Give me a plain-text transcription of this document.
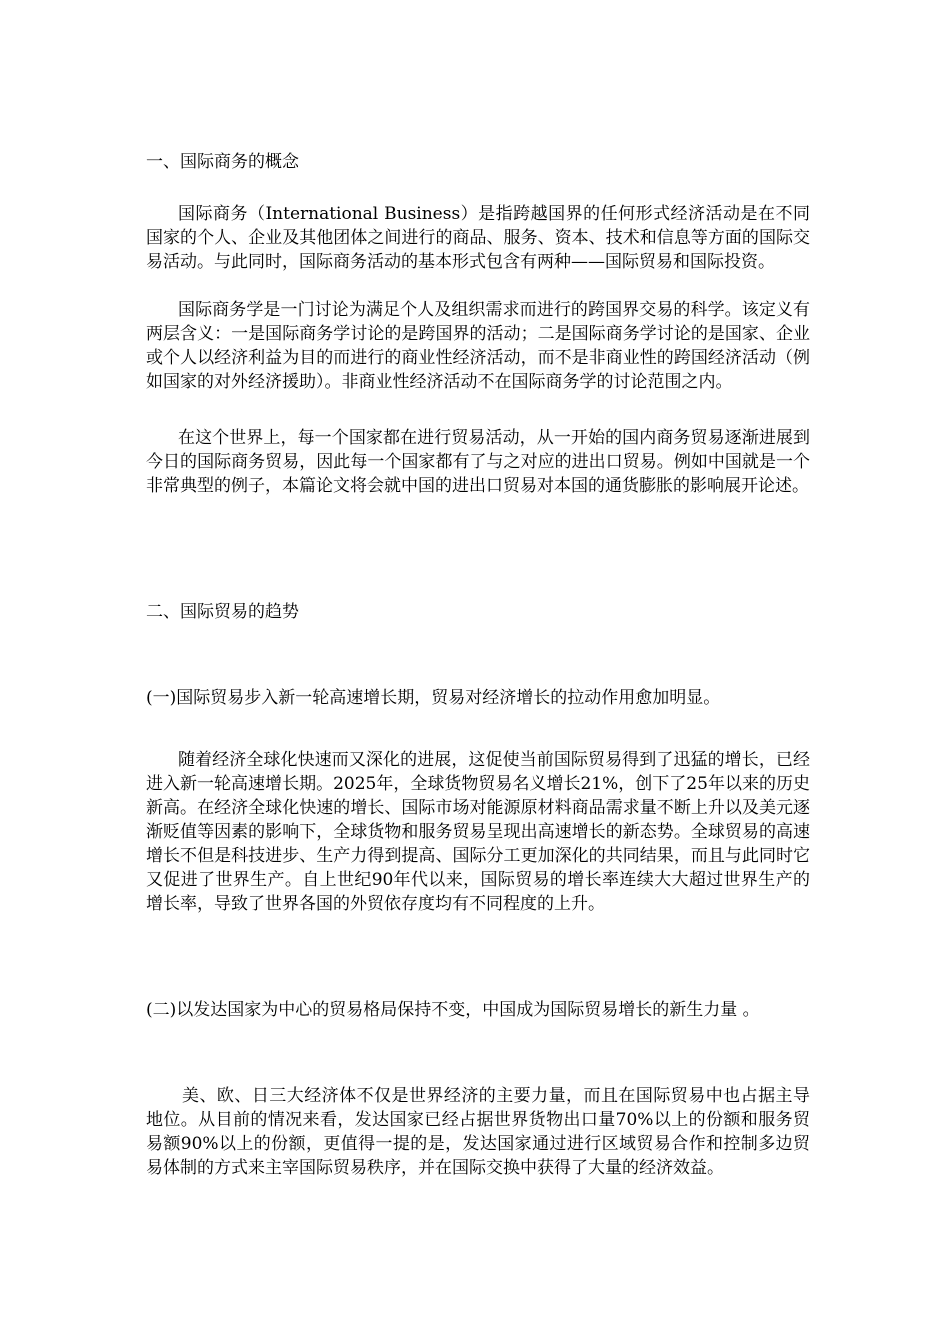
一、国际商务的概念

国际商务（International Business）是指跨越国界的任何形式经济活动是在不同国家的个人、企业及其他团体之间进行的商品、服务、资本、技术和信息等方面的国际交易活动。与此同时，国际商务活动的基本形式包含有两种——国际贸易和国际投资。

国际商务学是一门讨论为满足个人及组织需求而进行的跨国界交易的科学。该定义有两层含义：一是国际商务学讨论的是跨国界的活动；二是国际商务学讨论的是国家、企业或个人以经济利益为目的而进行的商业性经济活动，而不是非商业性的跨国经济活动（例如国家的对外经济援助）。非商业性经济活动不在国际商务学的讨论范围之内。

在这个世界上，每一个国家都在进行贸易活动，从一开始的国内商务贸易逐渐进展到今日的国际商务贸易，因此每一个国家都有了与之对应的进出口贸易。例如中国就是一个非常典型的例子，本篇论文将会就中国的进出口贸易对本国的通货膨胀的影响展开论述。

二、国际贸易的趋势

(一)国际贸易步入新一轮高速增长期，贸易对经济增长的拉动作用愈加明显。

随着经济全球化快速而又深化的进展，这促使当前国际贸易得到了迅猛的增长，已经进入新一轮高速增长期。2025年，全球货物贸易名义增长21%，创下了25年以来的历史新高。在经济全球化快速的增长、国际市场对能源原材料商品需求量不断上升以及美元逐渐贬值等因素的影响下，全球货物和服务贸易呈现出高速增长的新态势。全球贸易的高速增长不但是科技进步、生产力得到提高、国际分工更加深化的共同结果，而且与此同时它又促进了世界生产。自上世纪90年代以来，国际贸易的增长率连续大大超过世界生产的增长率，导致了世界各国的外贸依存度均有不同程度的上升。

(二)以发达国家为中心的贸易格局保持不变，中国成为国际贸易增长的新生力量 。

美、欧、日三大经济体不仅是世界经济的主要力量，而且在国际贸易中也占据主导地位。从目前的情况来看，发达国家已经占据世界货物出口量70%以上的份额和服务贸易额90%以上的份额，更值得一提的是，发达国家通过进行区域贸易合作和控制多边贸易体制的方式来主宰国际贸易秩序，并在国际交换中获得了大量的经济效益。
